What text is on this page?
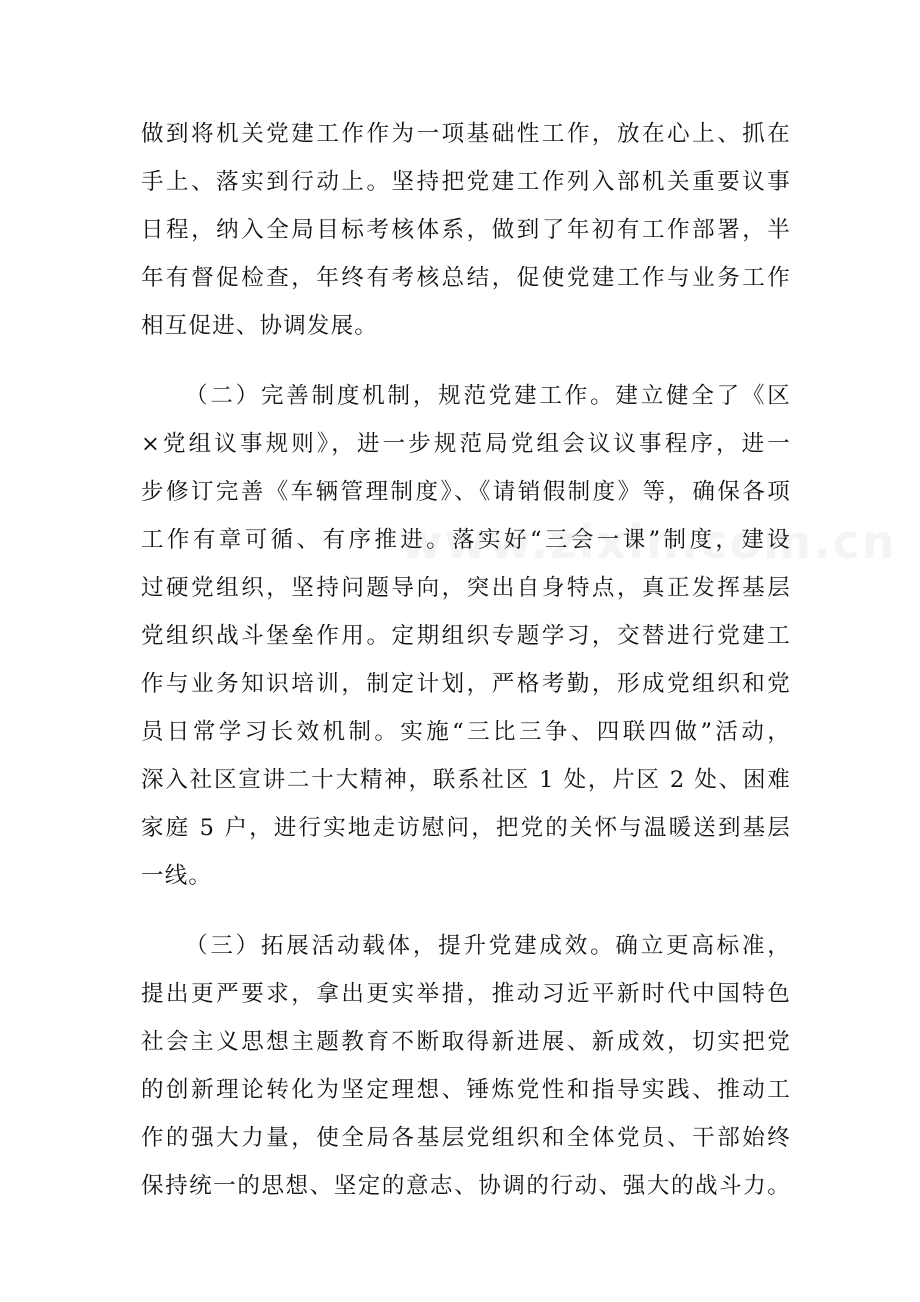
做到将机关党建工作作为一项基础性工作，放在心上、抓在
手上、落实到行动上。坚持把党建工作列入部机关重要议事
日程，纳入全局目标考核体系，做到了年初有工作部署，半
年有督促检查，年终有考核总结，促使党建工作与业务工作
相互促进、协调发展。
（二）完善制度机制，规范党建工作。建立健全了《区
×党组议事规则》，进一步规范局党组会议议事程序，进一
步修订完善《车辆管理制度》、《请销假制度》等，确保各项
工作有章可循、有序推进。落实好“三会一课”制度，建设
过硬党组织，坚持问题导向，突出自身特点，真正发挥基层
党组织战斗堡垒作用。定期组织专题学习，交替进行党建工
作与业务知识培训，制定计划，严格考勤，形成党组织和党
员日常学习长效机制。实施“三比三争、四联四做”活动，
深入社区宣讲二十大精神，联系社区 1 处，片区 2 处、困难
家庭 5 户，进行实地走访慰问，把党的关怀与温暖送到基层
一线。
（三）拓展活动载体，提升党建成效。确立更高标准，
提出更严要求，拿出更实举措，推动习近平新时代中国特色
社会主义思想主题教育不断取得新进展、新成效，切实把党
的创新理论转化为坚定理想、锤炼党性和指导实践、推动工
作的强大力量，使全局各基层党组织和全体党员、干部始终
保持统一的思想、坚定的意志、协调的行动、强大的战斗力。
